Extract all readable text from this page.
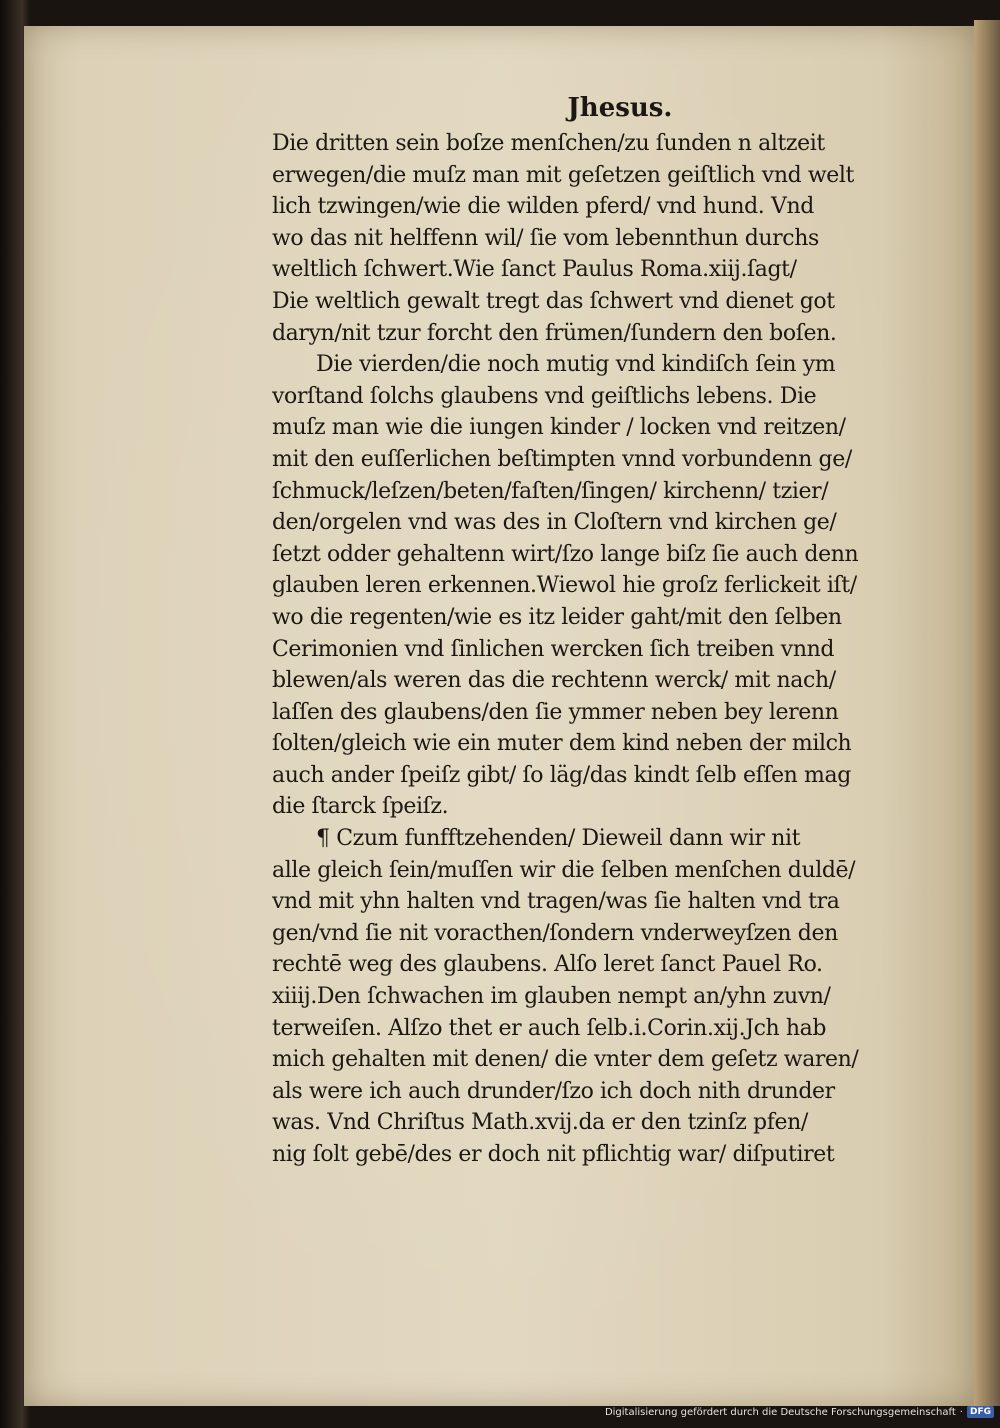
Jhesus.
Die dritten sein boſze menſchen/zu ſunden n altzeit
erwegen/die muſz man mit geſetzen geiſtlich vnd welt
lich tzwingen/wie die wilden pferd/ vnd hund. Vnd
wo das nit helffenn wil/ ſie vom lebennthun durchs
weltlich ſchwert.Wie ſanct Paulus Roma.xiij.ſagt/
Die weltlich gewalt tregt das ſchwert vnd dienet got
daryn/nit tzur forcht den frümen/ſundern den boſen.
Die vierden/die noch mutig vnd kindiſch ſein ym
vorſtand ſolchs glaubens vnd geiſtlichs lebens. Die
muſz man wie die iungen kinder / locken vnd reitzen/
mit den euſſerlichen beſtimpten vnnd vorbundenn ge/
ſchmuck/leſzen/beten/faſten/ſingen/ kirchenn/ tzier/
den/orgelen vnd was des in Cloſtern vnd kirchen ge/
ſetzt odder gehaltenn wirt/ſzo lange biſz ſie auch denn
glauben leren erkennen.Wiewol hie groſz ferlickeit iſt/
wo die regenten/wie es itz leider gaht/mit den ſelben
Cerimonien vnd ſinlichen wercken ſich treiben vnnd
blewen/als weren das die rechtenn werck/ mit nach/
laſſen des glaubens/den ſie ymmer neben bey lerenn
ſolten/gleich wie ein muter dem kind neben der milch
auch ander ſpeiſz gibt/ ſo läg/das kindt ſelb eſſen mag
die ſtarck ſpeiſz.
¶ Czum funfftzehenden/ Dieweil dann wir nit
alle gleich ſein/muſſen wir die ſelben menſchen duldē/
vnd mit yhn halten vnd tragen/was ſie halten vnd tra
gen/vnd ſie nit voracthen/ſondern vnderweyſzen den
rechtē weg des glaubens. Alſo leret ſanct Pauel Ro.
xiiij.Den ſchwachen im glauben nempt an/yhn zuvn/
terweiſen. Alſzo thet er auch ſelb.i.Corin.xij.Jch hab
mich gehalten mit denen/ die vnter dem geſetz waren/
als were ich auch drunder/ſzo ich doch nith drunder
was. Vnd Chriſtus Math.xvij.da er den tzinſz pfen/
nig ſolt gebē/des er doch nit pflichtig war/ diſputiret
Digitalisierung gefördert durch die Deutsche Forschungsgemeinschaft · DFG
